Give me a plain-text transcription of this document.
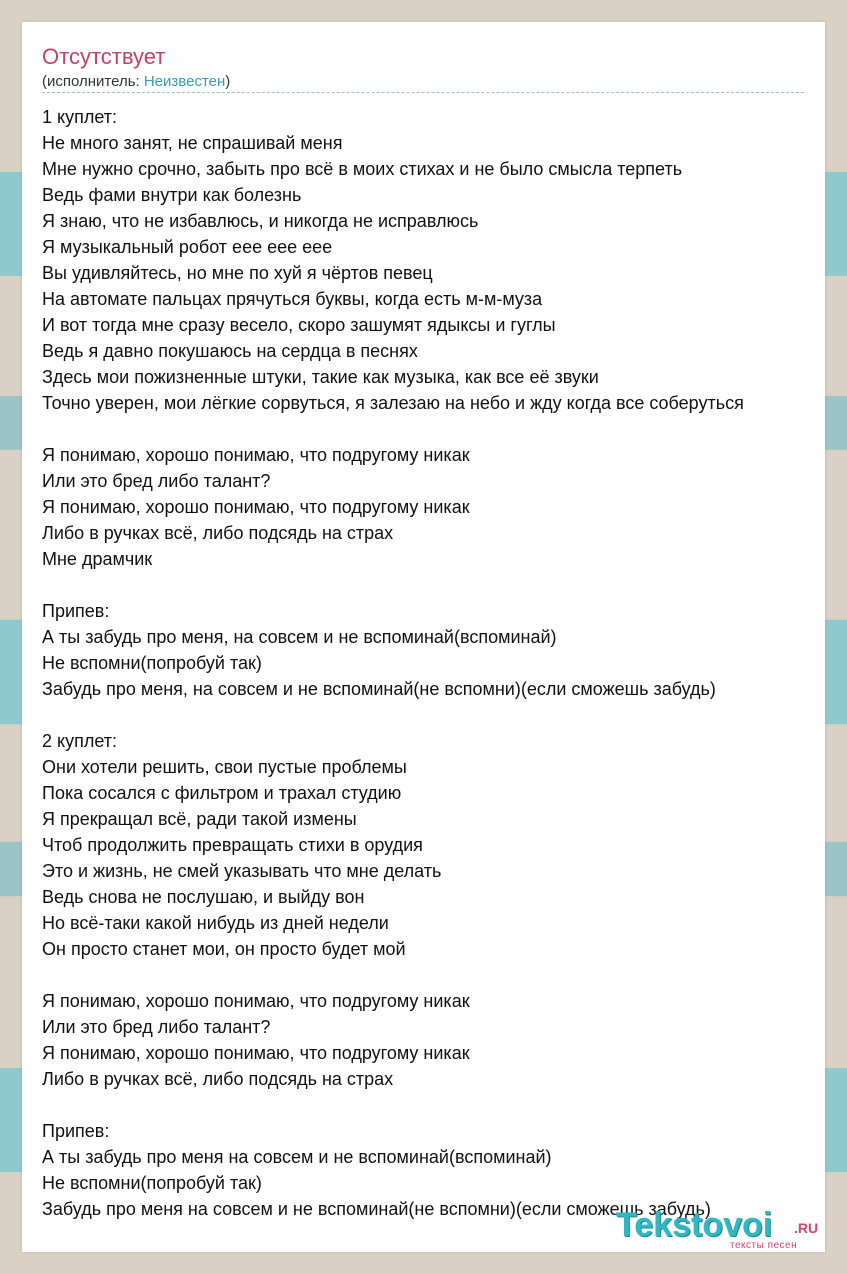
Отсутствует
(исполнитель: Неизвестен)
1 куплет:
Не много занят, не спрашивай меня
Мне нужно срочно, забыть про всё в моих стихах и не было смысла терпеть
Ведь фами внутри как болезнь
Я знаю, что не избавлюсь, и никогда не исправлюсь
Я музыкальный робот еее еее еее
Вы удивляйтесь, но мне по хуй я чёртов певец
На автомате пальцах прячуться буквы, когда есть м-м-муза
И вот тогда мне сразу весело, скоро зашумят ядыксы и гуглы
Ведь я давно покушаюсь на сердца в песнях
Здесь мои пожизненные штуки, такие как музыка, как все её звуки
Точно уверен, мои лёгкие сорвуться, я залезаю на небо и жду когда все соберуться
Я понимаю, хорошо понимаю, что подругому никак
Или это бред либо талант?
Я понимаю, хорошо понимаю, что подругому никак
Либо в ручках всё, либо подсядь на страх
Мне драмчик
Припев:
А ты забудь про меня, на совсем и не вспоминай(вспоминай)
Не вспомни(попробуй так)
Забудь про меня, на совсем и не вспоминай(не вспомни)(если сможешь забудь)
2 куплет:
Они хотели решить, свои пустые проблемы
Пока сосался с фильтром и трахал студию
Я прекращал всё, ради такой измены
Чтоб продолжить превращать стихи в орудия
Это и жизнь, не смей указывать что мне делать
Ведь снова не послушаю, и выйду вон
Но всё-таки какой нибудь из дней недели
Он просто станет мои, он просто будет мой
Я понимаю, хорошо понимаю, что подругому никак
Или это бред либо талант?
Я понимаю, хорошо понимаю, что подругому никак
Либо в ручках всё, либо подсядь на страх
Припев:
А ты забудь про меня на совсем и не вспоминай(вспоминай)
Не вспомни(попробуй так)
Забудь про меня на совсем и не вспоминай(не вспомни)(если сможешь забудь)
Tekstovoi .RU
тексты песен
